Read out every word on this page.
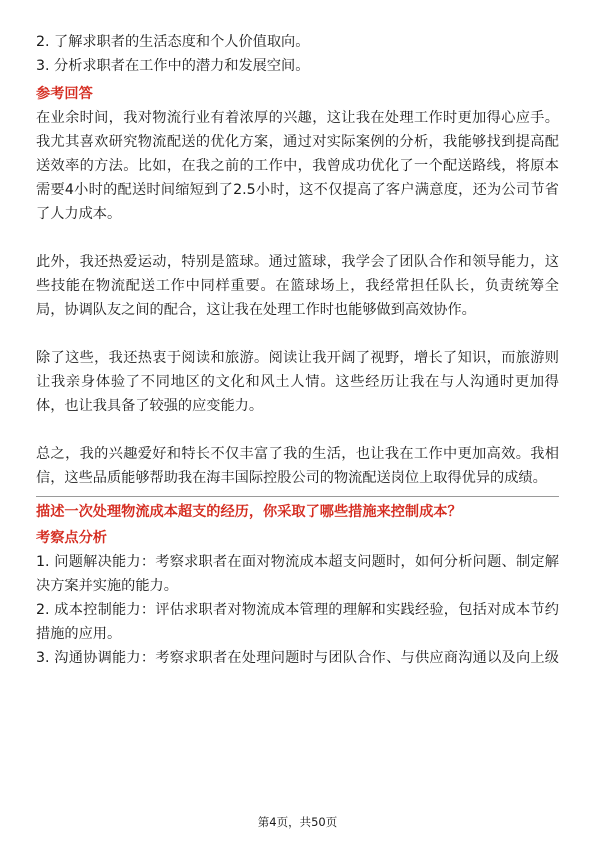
2. 了解求职者的生活态度和个人价值取向。
3. 分析求职者在工作中的潜力和发展空间。
参考回答
在业余时间，我对物流行业有着浓厚的兴趣，这让我在处理工作时更加得心应手。
我尤其喜欢研究物流配送的优化方案，通过对实际案例的分析，我能够找到提高配
送效率的方法。比如，在我之前的工作中，我曾成功优化了一个配送路线，将原本
需要4小时的配送时间缩短到了2.5小时，这不仅提高了客户满意度，还为公司节省
了人力成本。
此外，我还热爱运动，特别是篮球。通过篮球，我学会了团队合作和领导能力，这
些技能在物流配送工作中同样重要。在篮球场上，我经常担任队长，负责统筹全
局，协调队友之间的配合，这让我在处理工作时也能够做到高效协作。
除了这些，我还热衷于阅读和旅游。阅读让我开阔了视野，增长了知识，而旅游则
让我亲身体验了不同地区的文化和风土人情。这些经历让我在与人沟通时更加得
体，也让我具备了较强的应变能力。
总之，我的兴趣爱好和特长不仅丰富了我的生活，也让我在工作中更加高效。我相
信，这些品质能够帮助我在海丰国际控股公司的物流配送岗位上取得优异的成绩。
描述一次处理物流成本超支的经历，你采取了哪些措施来控制成本？
考察点分析
1. 问题解决能力：考察求职者在面对物流成本超支问题时，如何分析问题、制定解
决方案并实施的能力。
2. 成本控制能力：评估求职者对物流成本管理的理解和实践经验，包括对成本节约
措施的应用。
3. 沟通协调能力：考察求职者在处理问题时与团队合作、与供应商沟通以及向上级
第4页，共50页
